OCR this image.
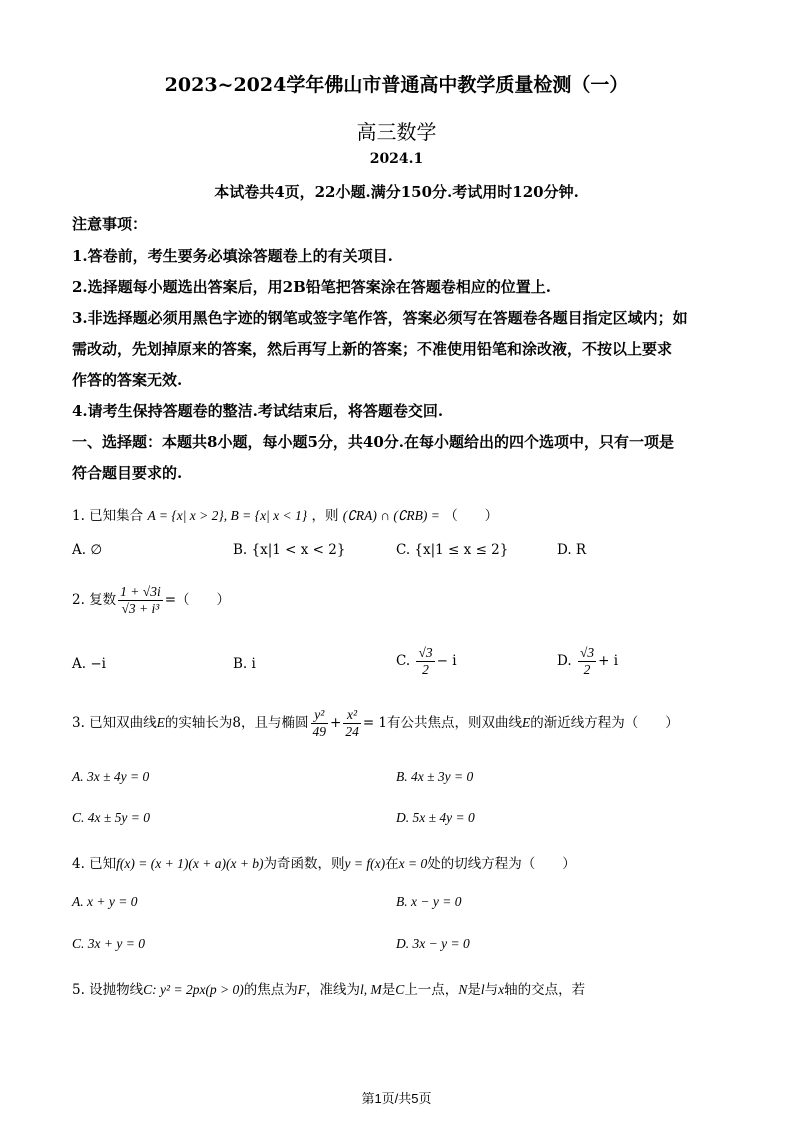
2023~2024学年佛山市普通高中教学质量检测（一）
高三数学
2024.1
本试卷共4页，22小题.满分150分.考试用时120分钟.
注意事项：
1.答卷前，考生要务必填涂答题卷上的有关项目.
2.选择题每小题选出答案后，用2B铅笔把答案涂在答题卷相应的位置上.
3.非选择题必须用黑色字迹的钢笔或签字笔作答，答案必须写在答题卷各题目指定区域内；如
需改动，先划掉原来的答案，然后再写上新的答案；不准使用铅笔和涂改液，不按以上要求
作答的答案无效.
4.请考生保持答题卷的整洁.考试结束后，将答题卷交回.
一、选择题：本题共8小题，每小题5分，共40分.在每小题给出的四个选项中，只有一项是
符合题目要求的.
1. 已知集合 A = {x| x > 2}, B = {x| x < 1} ，则 (∁RA) ∩ (∁RB) = （　　）
A. ∅	B. {x|1 < x < 2}	C. {x|1 ≤ x ≤ 2}	D. R
2. 复数 $\frac{1 + √3i}{\text{√3 + i³}}$ =（　　）
A. −i	B. i	C. $\frac{√3}{2} - i$	D. $\frac{√3}{2} + i$
3. 已知双曲线E的实轴长为8，且与椭圆 $\frac{\text{y²}}{49} + \frac{\text{x²}}{24} = 1$有公共焦点，则双曲线E的渐近线方程为（　　）
A. 3x ± 4y = 0	B. 4x ± 3y = 0
C. 4x ± 5y = 0	D. 5x ± 4y = 0
4. 已知f(x) = (x + 1)(x + a)(x + b)为奇函数，则y = f(x)在x = 0处的切线方程为（　　）
A. x + y = 0	B. x − y = 0
C. 3x + y = 0	D. 3x − y = 0
5. 设抛物线C: y² = 2px(p > 0)的焦点为F，准线为l, M是C上一点，N是l与x轴的交点，若
第1页/共5页
